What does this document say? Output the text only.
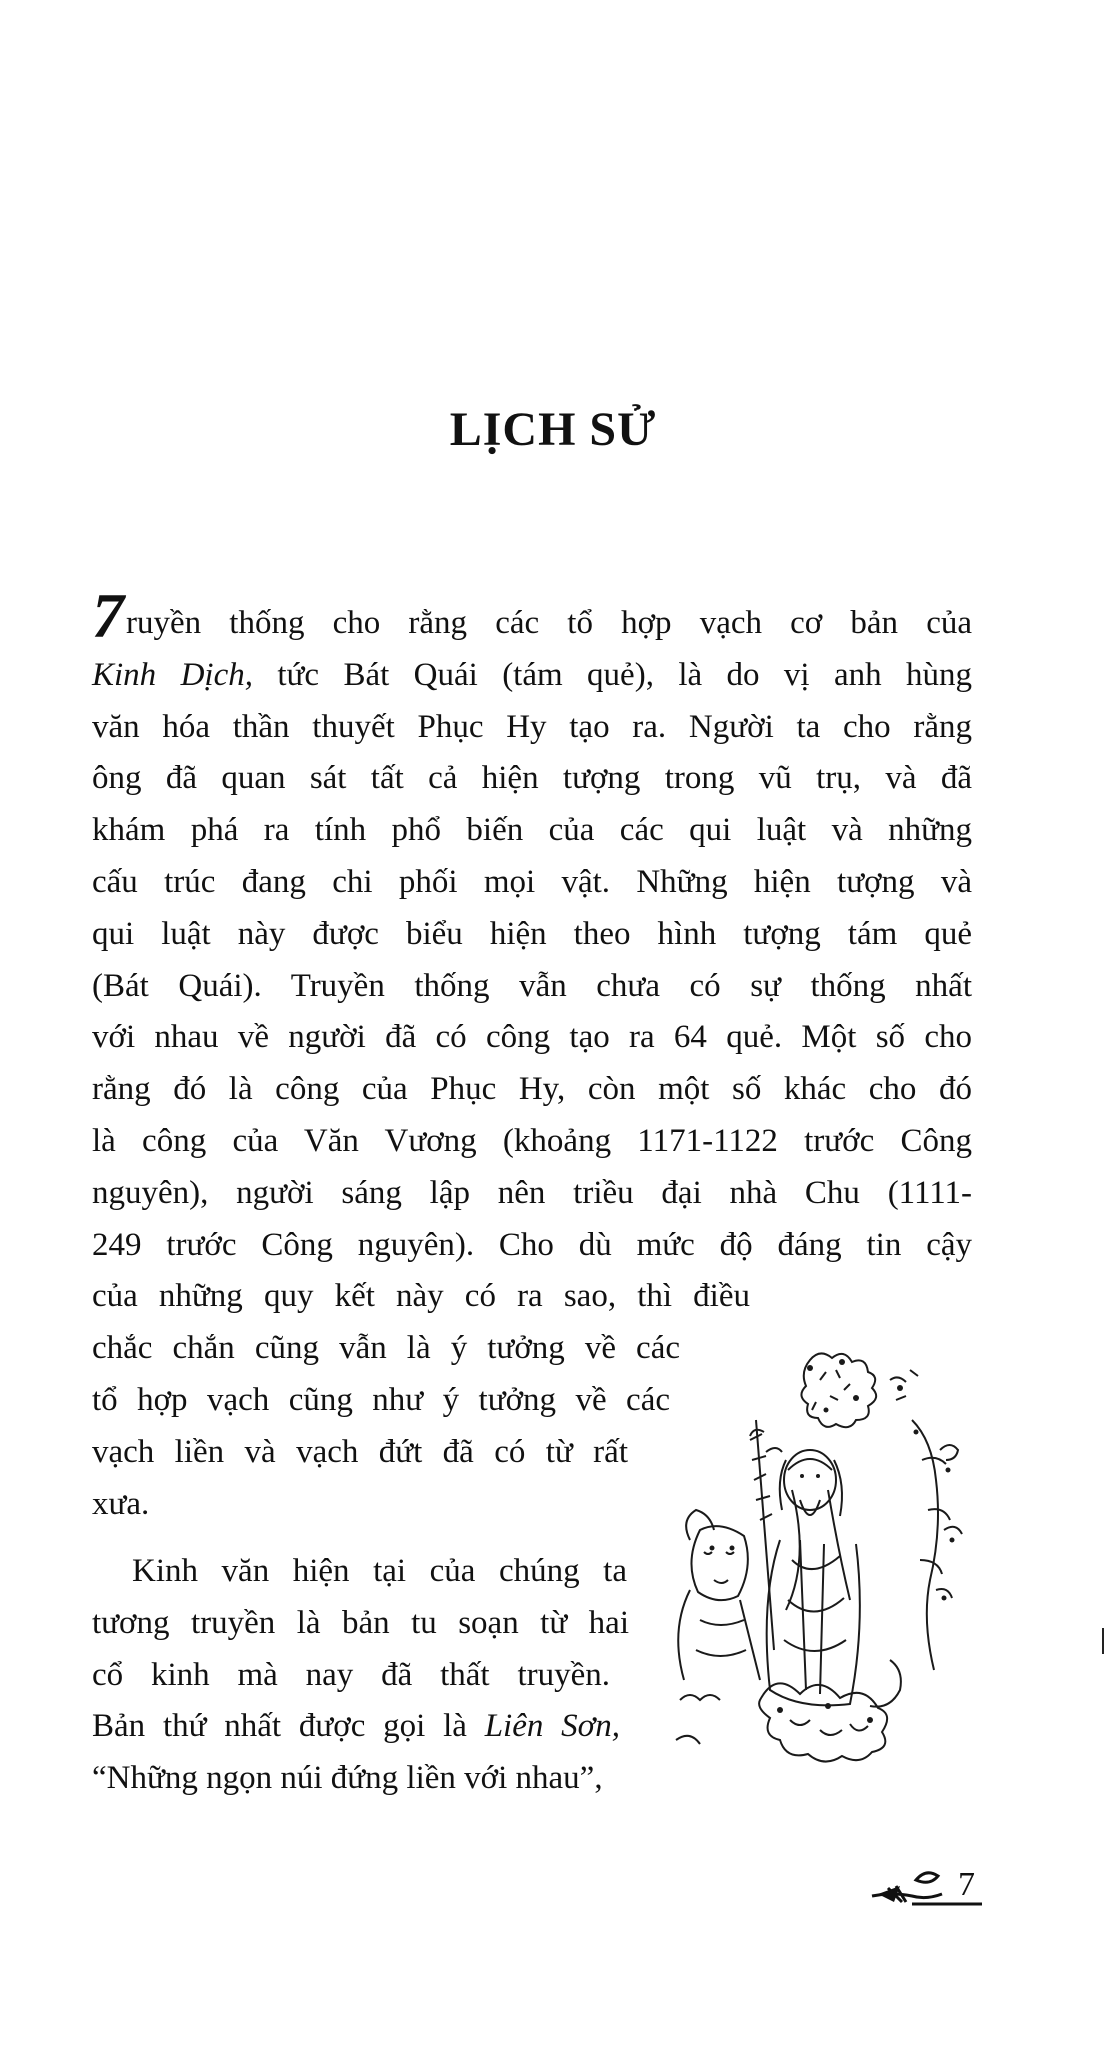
LỊCH SỬ
7ruyền thống cho rằng các tổ hợp vạch cơ bản của
Kinh Dịch, tức Bát Quái (tám quẻ), là do vị anh hùng
văn hóa thần thuyết Phục Hy tạo ra. Người ta cho rằng
ông đã quan sát tất cả hiện tượng trong vũ trụ, và đã
khám phá ra tính phổ biến của các qui luật và những
cấu trúc đang chi phối mọi vật. Những hiện tượng và
qui luật này được biểu hiện theo hình tượng tám quẻ
(Bát Quái). Truyền thống vẫn chưa có sự thống nhất
với nhau về người đã có công tạo ra 64 quẻ. Một số cho
rằng đó là công của Phục Hy, còn một số khác cho đó
là công của Văn Vương (khoảng 1171-1122 trước Công
nguyên), người sáng lập nên triều đại nhà Chu (1111-
249 trước Công nguyên). Cho dù mức độ đáng tin cậy
của những quy kết này có ra sao, thì điều
chắc chắn cũng vẫn là ý tưởng về các
tổ hợp vạch cũng như ý tưởng về các
vạch liền và vạch đứt đã có từ rất
xưa.
Kinh văn hiện tại của chúng ta
tương truyền là bản tu soạn từ hai
cổ kinh mà nay đã thất truyền.
Bản thứ nhất được gọi là Liên Sơn,
“Những ngọn núi đứng liền với nhau”,
7
